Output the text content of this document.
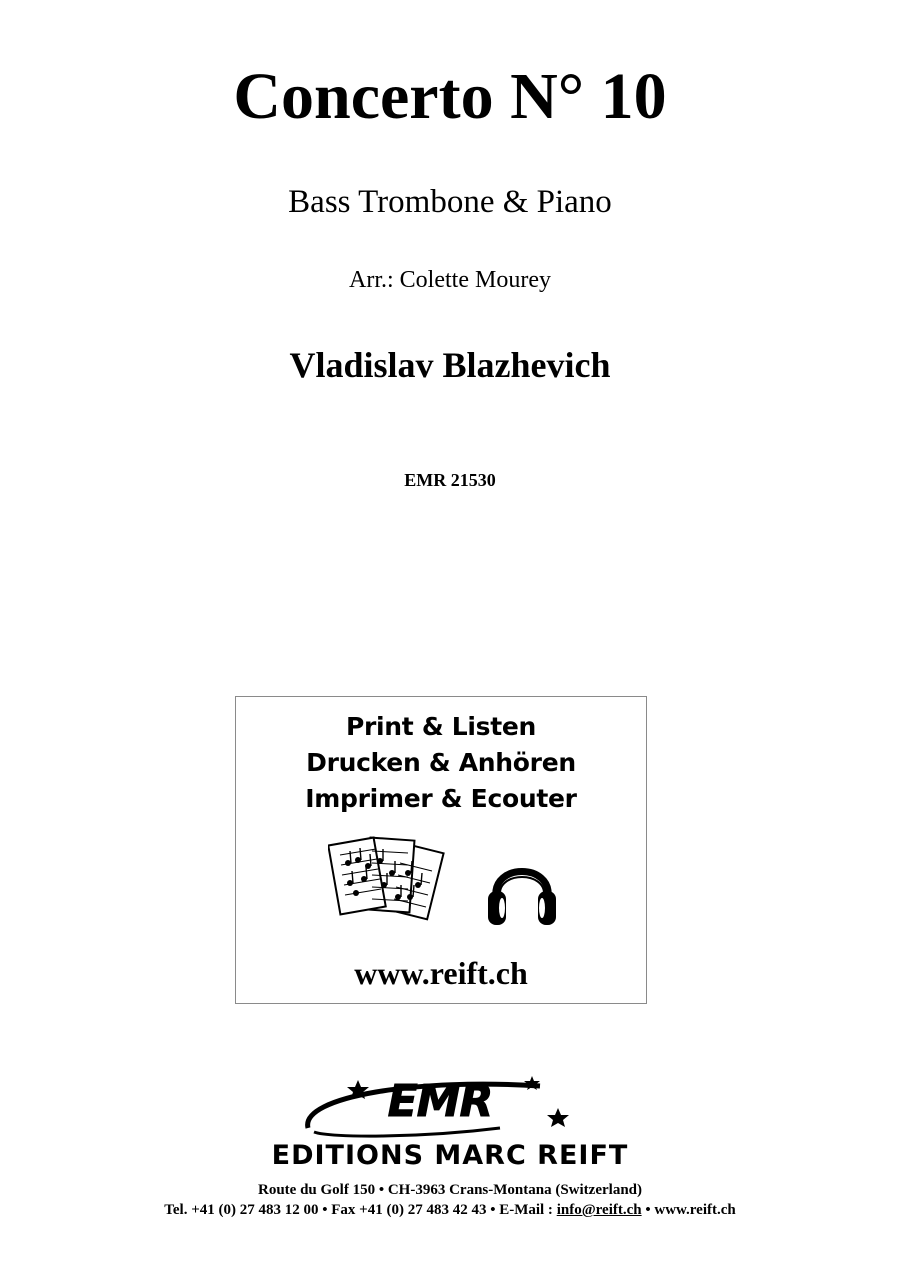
Concerto N° 10
Bass Trombone & Piano
Arr.: Colette Mourey
Vladislav Blazhevich
EMR 21530
Print & Listen
Drucken & Anhören
Imprimer & Ecouter
www.reift.ch
EMR
EDITIONS MARC REIFT
Route du Golf 150 • CH-3963 Crans-Montana (Switzerland)
Tel. +41 (0) 27 483 12 00 • Fax +41 (0) 27 483 42 43 • E-Mail : info@reift.ch • www.reift.ch
